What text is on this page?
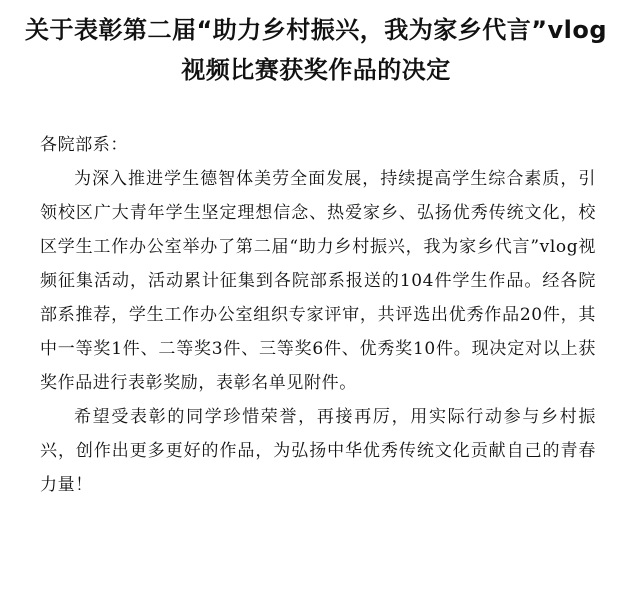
关于表彰第二届“助力乡村振兴，我为家乡代言”vlog视频比赛获奖作品的决定

各院部系：

为深入推进学生德智体美劳全面发展，持续提高学生综合素质，引领校区广大青年学生坚定理想信念、热爱家乡、弘扬优秀传统文化，校区学生工作办公室举办了第二届“助力乡村振兴，我为家乡代言”vlog视频征集活动，活动累计征集到各院部系报送的104件学生作品。经各院部系推荐，学生工作办公室组织专家评审，共评选出优秀作品20件，其中一等奖1件、二等奖3件、三等奖6件、优秀奖10件。现决定对以上获奖作品进行表彰奖励，表彰名单见附件。

希望受表彰的同学珍惜荣誉，再接再厉，用实际行动参与乡村振兴，创作出更多更好的作品，为弘扬中华优秀传统文化贡献自己的青春力量！
